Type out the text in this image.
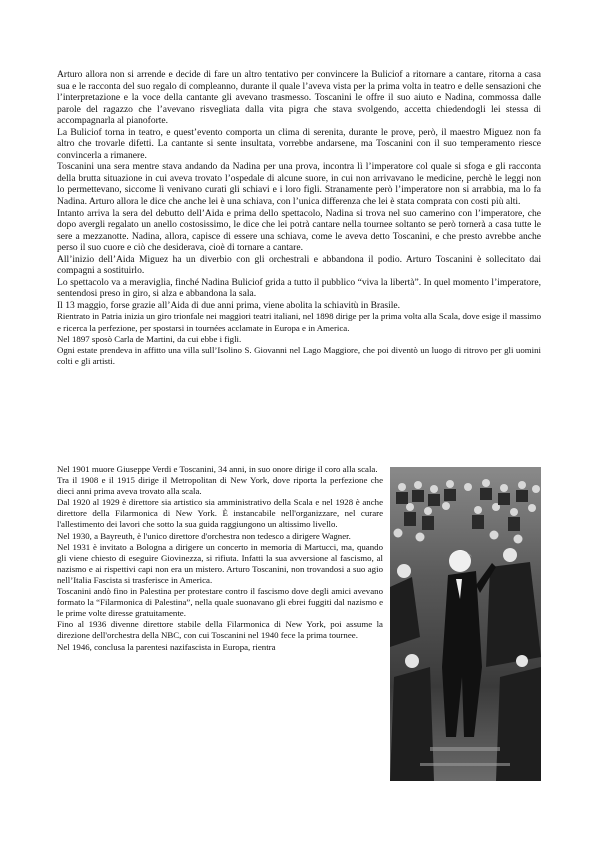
Arturo allora non si arrende e decide di fare un altro tentativo per convincere la Buliciof a ritornare a cantare, ritorna a casa sua e le racconta del suo regalo di compleanno, durante il quale l’aveva vista per la prima volta in teatro e delle sensazioni che l’interpretazione e la voce della cantante gli avevano trasmesso. Toscanini le offre il suo aiuto e Nadina, commossa dalle parole del ragazzo che l’avevano risvegliata dalla vita pigra che stava svolgendo, accetta chiedendogli lei stessa di accompagnarla al pianoforte.

La Buliciof torna in teatro, e quest’evento comporta un clima di serenita, durante le prove, però, il maestro Miguez non fa altro che trovarle difetti. La cantante si sente insultata, vorrebbe andarsene, ma Toscanini con il suo temperamento riesce convincerla a rimanere.

Toscanini una sera mentre stava andando da Nadina per una prova, incontra lì l’imperatore col quale si sfoga e gli racconta della brutta situazione in cui aveva trovato l’ospedale di alcune suore, in cui non arrivavano le medicine, perchè le leggi non lo permettevano, siccome lì venivano curati gli schiavi e i loro figli. Stranamente però l’imperatore non si arrabbia, ma lo fa Nadina. Arturo allora le dice che anche lei è una schiava, con l’unica differenza che lei è stata comprata con costi più alti.

Intanto arriva la sera del debutto dell’Aida e prima dello spettacolo, Nadina si trova nel suo camerino con l’imperatore, che dopo avergli regalato un anello costosissimo, le dice che lei potrà cantare nella tournee soltanto se però tornerà a casa tutte le sere a mezzanotte. Nadina, allora, capisce di essere una schiava, come le aveva detto Toscanini, e che presto avrebbe anche perso il suo cuore e ciò che desiderava, cioè di tornare a cantare.

All’inizio dell’Aida Miguez ha un diverbio con gli orchestrali e abbandona il podio. Arturo Toscanini è sollecitato dai compagni a sostituirlo.

Lo spettacolo va a meraviglia, finché Nadina Buliciof grida a tutto il pubblico “viva la libertà”. In quel momento l’imperatore, sentendosi preso in giro, si alza e abbandona la sala.

Il 13 maggio, forse grazie all’Aida di due anni prima, viene abolita la schiavitù in Brasile.

Rientrato in Patria inizia un giro trionfale nei maggiori teatri italiani, nel 1898 dirige per la prima volta alla Scala, dove esige il massimo e ricerca la perfezione, per spostarsi in tournées acclamate in Europa e in America.

Nel 1897 sposò Carla de Martini, da cui ebbe i figli.

Ogni estate prendeva in affitto una villa sull’Isolino S. Giovanni nel Lago Maggiore, che poi diventò un luogo di ritrovo per gli uomini colti e gli artisti.

Nel 1901 muore Giuseppe Verdi e Toscanini, 34 anni, in suo onore dirige il coro alla scala.

Tra il 1908 e il 1915 dirige il Metropolitan di New York, dove riporta la perfezione che dieci anni prima aveva trovato alla scala.

Dal 1920 al 1929 è direttore sia artistico sia amministrativo della Scala e nel 1928 è anche direttore della Filarmonica di New York. È instancabile nell'organizzare, nel curare l'allestimento dei lavori che sotto la sua guida raggiungono un altissimo livello.

Nel 1930, a Bayreuth, è l'unico direttore d'orchestra non tedesco a dirigere Wagner.

Nel 1931 è invitato a Bologna a dirigere un concerto in memoria di Martucci, ma, quando gli viene chiesto di eseguire Giovinezza, si rifiuta. Infatti la sua avversione al fascismo, al nazismo e ai rispettivi capi non era un mistero. Arturo Toscanini, non trovandosi a suo agio nell’Italia Fascista si trasferisce in America.

Toscanini andò fino in Palestina per protestare contro il fascismo dove degli amici avevano formato la “Filarmonica di Palestina”, nella quale suonavano gli ebrei fuggiti dal nazismo e le prime volte diresse gratuitamente.

Fino al 1936 divenne direttore stabile della Filarmonica di New York, poi assume la direzione dell'orchestra della NBC, con cui Toscanini nel 1940 fece la prima tournee.

Nel 1946, conclusa la parentesi nazifascista in Europa, rientra
